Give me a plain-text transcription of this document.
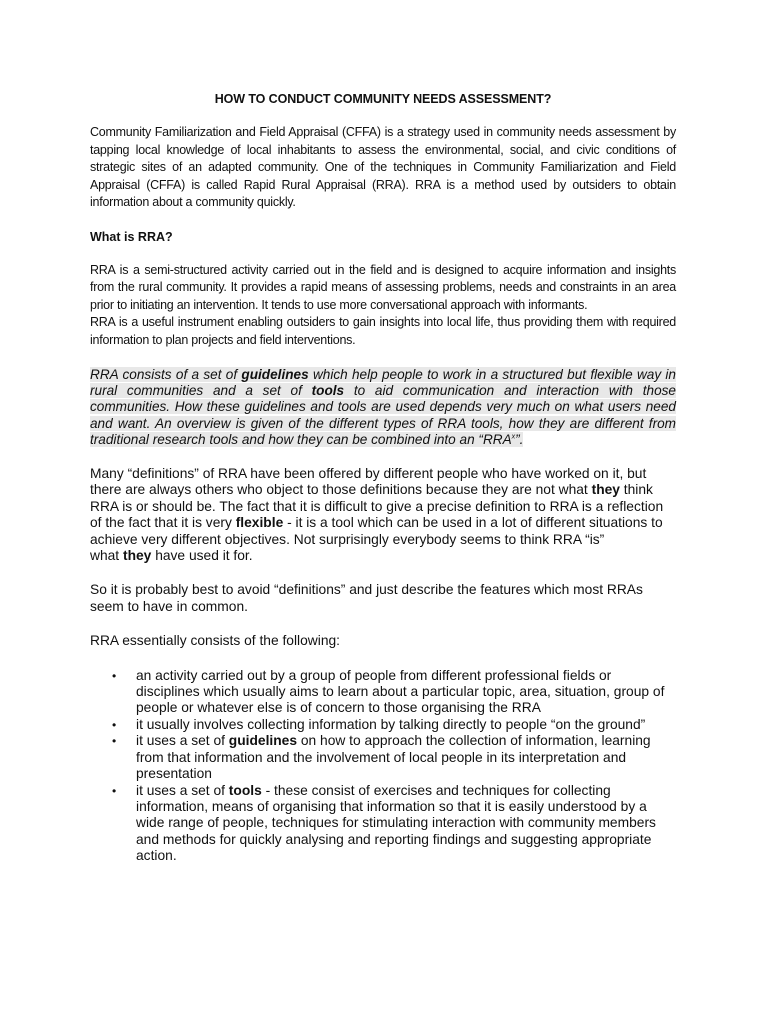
HOW TO CONDUCT COMMUNITY NEEDS ASSESSMENT?

Community Familiarization and Field Appraisal (CFFA) is a strategy used in community needs assessment by tapping local knowledge of local inhabitants to assess the environmental, social, and civic conditions of strategic sites of an adapted community. One of the techniques in Community Familiarization and Field Appraisal (CFFA) is called Rapid Rural Appraisal (RRA). RRA is a method used by outsiders to obtain information about a community quickly.

What is RRA?

RRA is a semi-structured activity carried out in the field and is designed to acquire information and insights from the rural community. It provides a rapid means of assessing problems, needs and constraints in an area prior to initiating an intervention. It tends to use more conversational approach with informants.

RRA is a useful instrument enabling outsiders to gain insights into local life, thus providing them with required information to plan projects and field interventions.

RRA consists of a set of guidelines which help people to work in a structured but flexible way in rural communities and a set of tools to aid communication and interaction with those communities. How these guidelines and tools are used depends very much on what users need and want. An overview is given of the different types of RRA tools, how they are different from traditional research tools and how they can be combined into an “RRA$^x$”.

Many “definitions” of RRA have been offered by different people who have worked on it, but there are always others who object to those definitions because they are not what they think RRA is or should be. The fact that it is difficult to give a precise definition to RRA is a reflection of the fact that it is very flexible - it is a tool which can be used in a lot of different situations to achieve very different objectives. Not surprisingly everybody seems to think RRA “is”
what they have used it for.

So it is probably best to avoid “definitions” and just describe the features which most RRAs seem to have in common.

RRA essentially consists of the following:

• an activity carried out by a group of people from different professional fields or disciplines which usually aims to learn about a particular topic, area, situation, group of people or whatever else is of concern to those organising the RRA
• it usually involves collecting information by talking directly to people “on the ground”
• it uses a set of guidelines on how to approach the collection of information, learning from that information and the involvement of local people in its interpretation and presentation
• it uses a set of tools - these consist of exercises and techniques for collecting information, means of organising that information so that it is easily understood by a wide range of people, techniques for stimulating interaction with community members and methods for quickly analysing and reporting findings and suggesting appropriate action.
